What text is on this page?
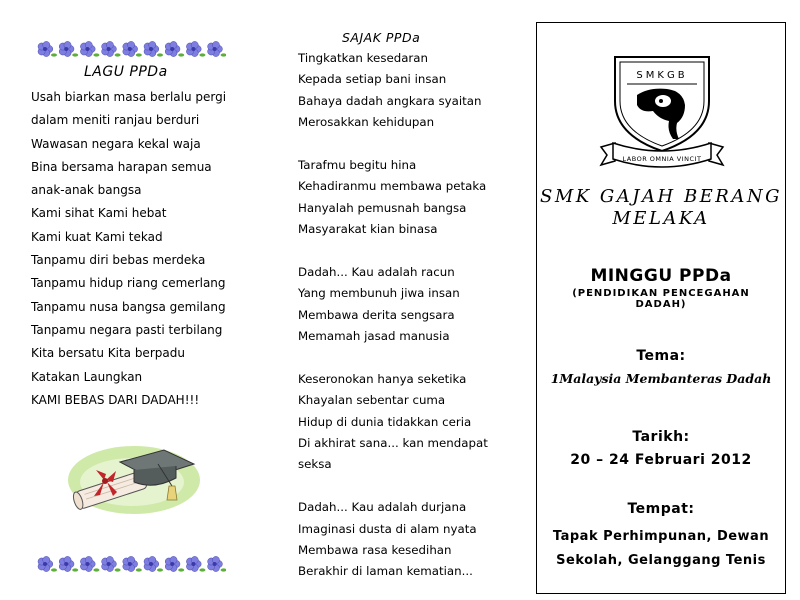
LAGU PPDa
Usah biarkan masa berlalu pergi
dalam meniti ranjau berduri
Wawasan negara kekal waja
Bina bersama harapan semua
anak-anak bangsa
Kami sihat Kami hebat
Kami kuat Kami tekad
Tanpamu diri bebas merdeka
Tanpamu hidup riang cemerlang
Tanpamu nusa bangsa gemilang
Tanpamu negara pasti terbilang
Kita bersatu Kita berpadu
Katakan Laungkan
KAMI BEBAS DARI DADAH!!!
SAJAK PPDa
Tingkatkan kesedaran
Kepada setiap bani insan
Bahaya dadah angkara syaitan
Merosakkan kehidupan
Tarafmu begitu hina
Kehadiranmu membawa petaka
Hanyalah pemusnah bangsa
Masyarakat kian binasa
Dadah... Kau adalah racun
Yang membunuh jiwa insan
Membawa derita sengsara
Memamah jasad manusia
Keseronokan hanya seketika
Khayalan sebentar cuma
Hidup di dunia tidakkan ceria
Di akhirat sana... kan mendapat
seksa
Dadah... Kau adalah durjana
Imaginasi dusta di alam nyata
Membawa rasa kesedihan
Berakhir di laman kematian...
SMKGB
LABOR OMNIA VINCIT
SMK GAJAH BERANG
MELAKA
MINGGU PPDa
(PENDIDIKAN PENCEGAHAN
DADAH)
Tema:
1Malaysia Membanteras Dadah
Tarikh:
20 – 24 Februari 2012
Tempat:
Tapak Perhimpunan, Dewan
Sekolah, Gelanggang Tenis
